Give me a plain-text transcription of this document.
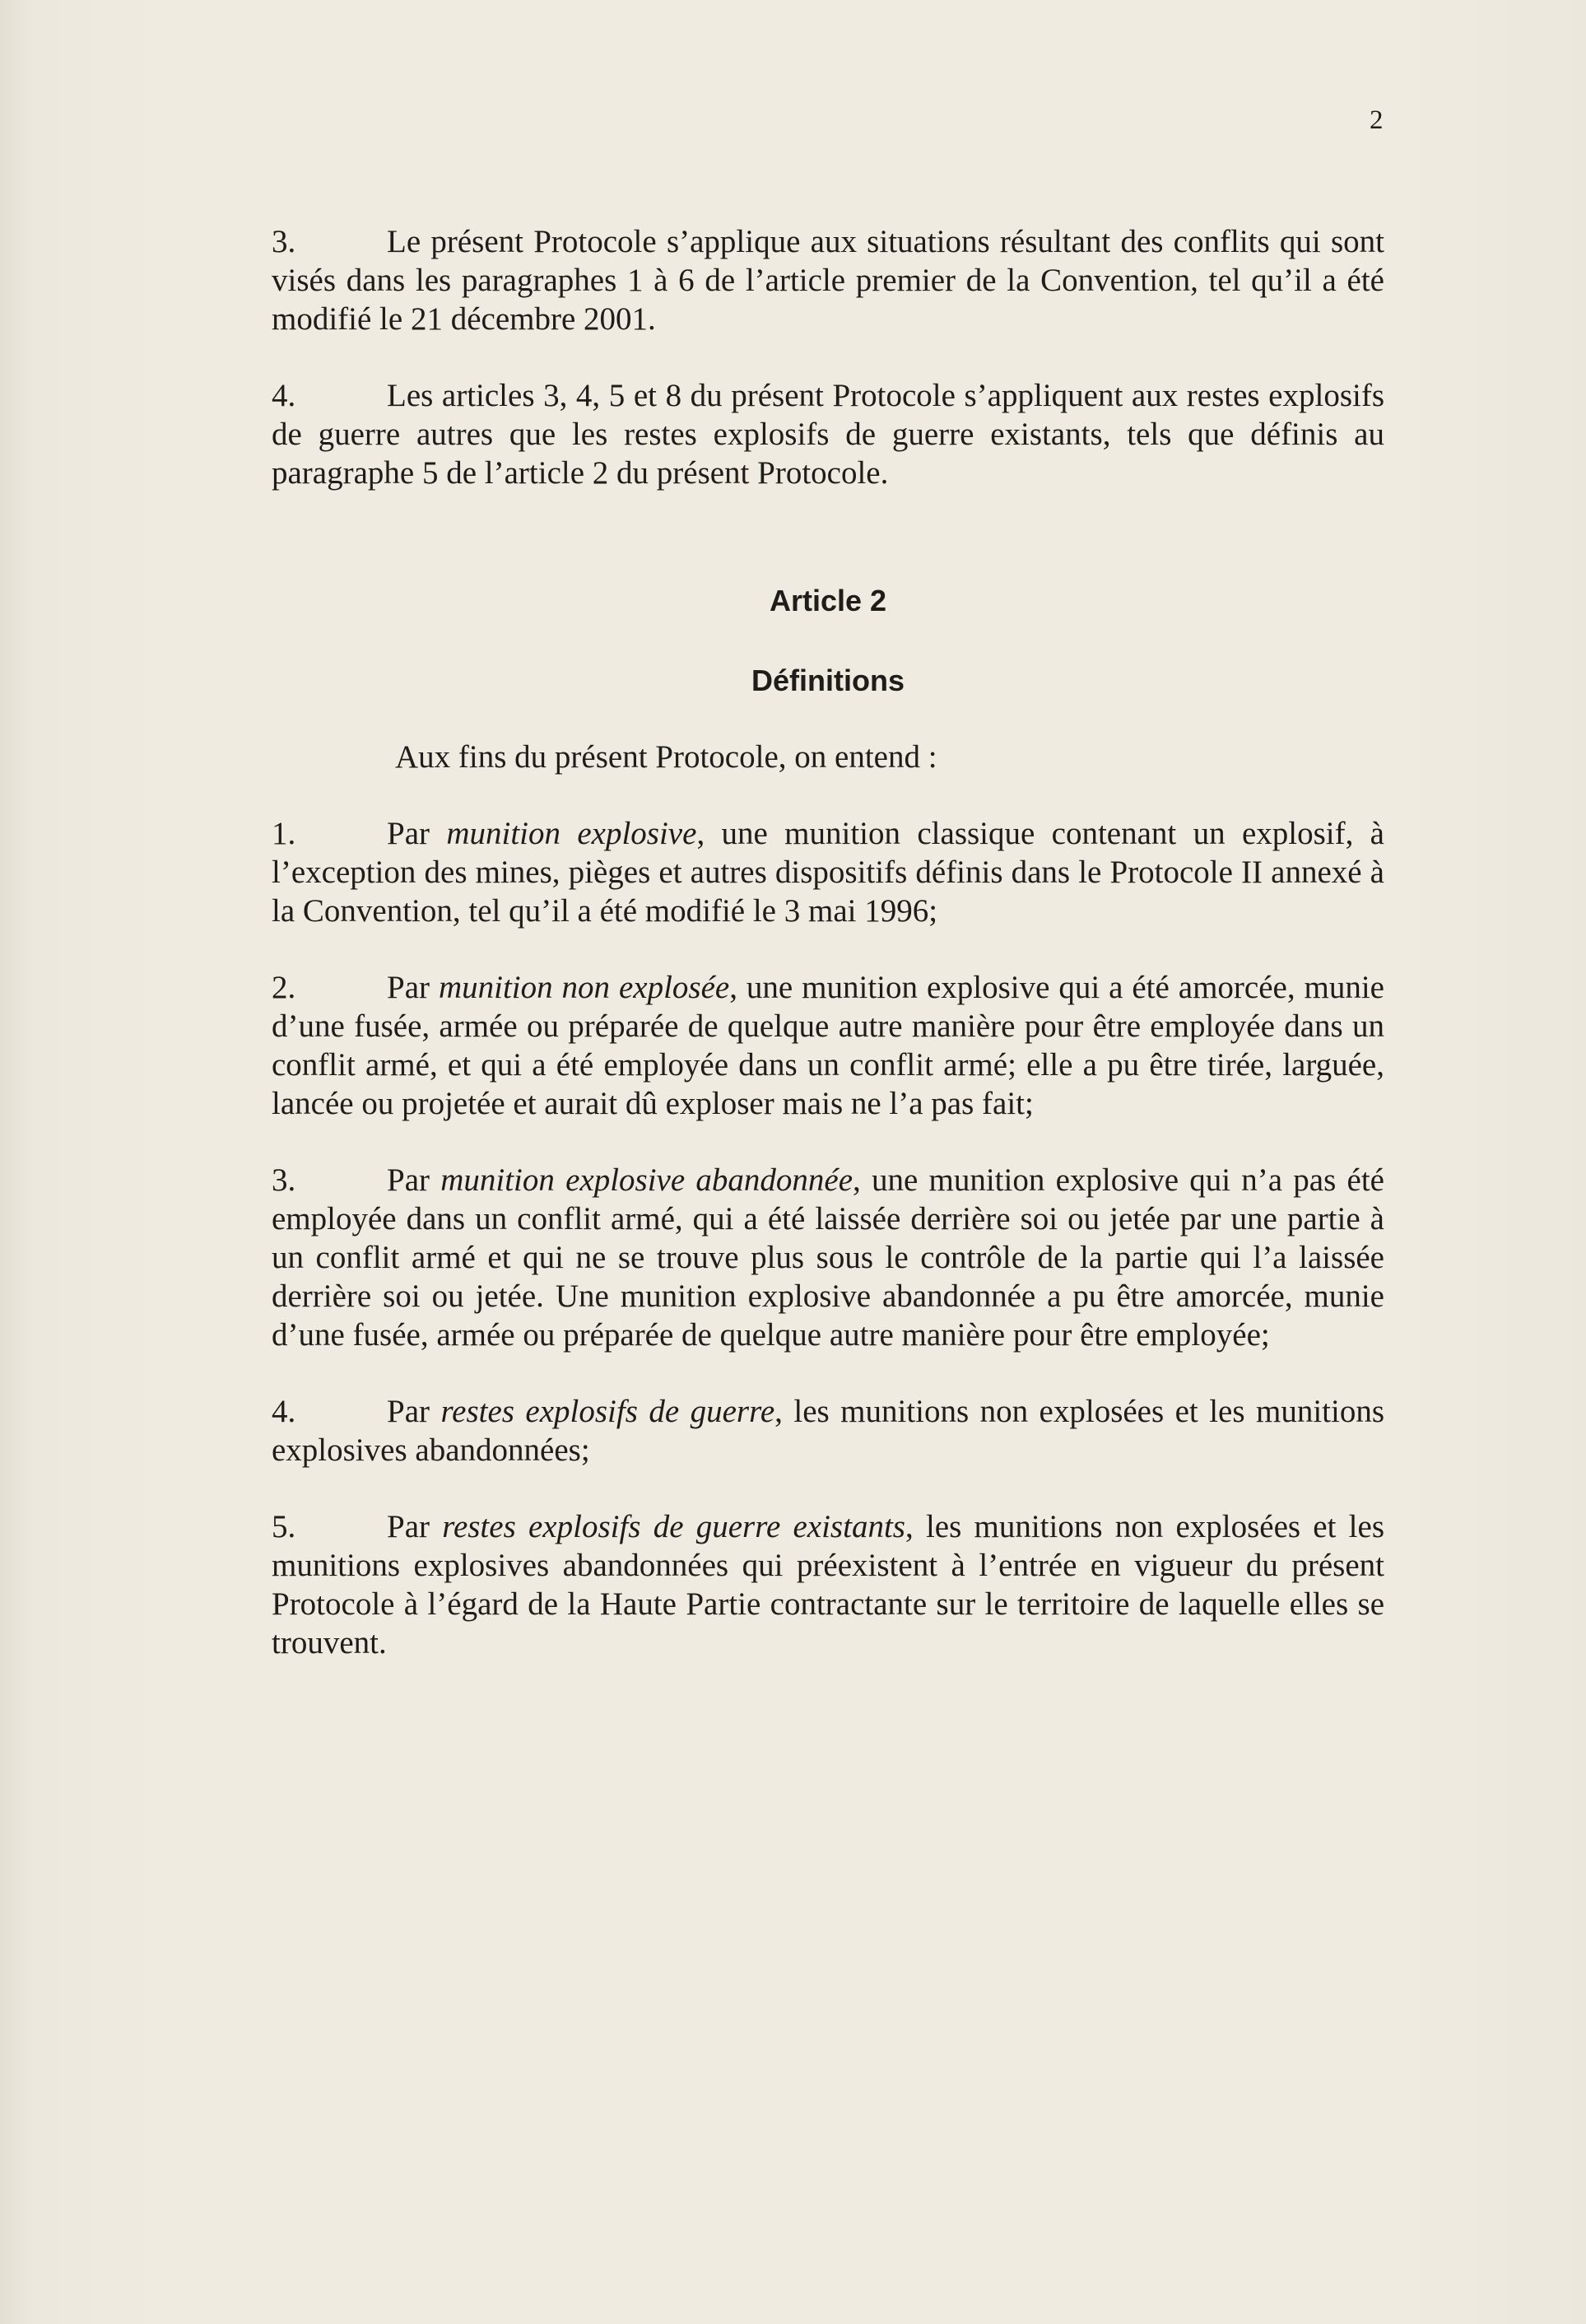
2

3.	Le présent Protocole s’applique aux situations résultant des conflits qui sont visés dans les paragraphes 1 à 6 de l’article premier de la Convention, tel qu’il a été modifié le 21 décembre 2001.

4.	Les articles 3, 4, 5 et 8 du présent Protocole s’appliquent aux restes explosifs de guerre autres que les restes explosifs de guerre existants, tels que définis au paragraphe 5 de l’article 2 du présent Protocole.

Article 2
Définitions

Aux fins du présent Protocole, on entend :

1.	Par munition explosive, une munition classique contenant un explosif, à l’exception des mines, pièges et autres dispositifs définis dans le Protocole II annexé à la Convention, tel qu’il a été modifié le 3 mai 1996;

2.	Par munition non explosée, une munition explosive qui a été amorcée, munie d’une fusée, armée ou préparée de quelque autre manière pour être employée dans un conflit armé, et qui a été employée dans un conflit armé; elle a pu être tirée, larguée, lancée ou projetée et aurait dû exploser mais ne l’a pas fait;

3.	Par munition explosive abandonnée, une munition explosive qui n’a pas été employée dans un conflit armé, qui a été laissée derrière soi ou jetée par une partie à un conflit armé et qui ne se trouve plus sous le contrôle de la partie qui l’a laissée derrière soi ou jetée. Une munition explosive abandonnée a pu être amorcée, munie d’une fusée, armée ou préparée de quelque autre manière pour être employée;

4.	Par restes explosifs de guerre, les munitions non explosées et les munitions explosives abandonnées;

5.	Par restes explosifs de guerre existants, les munitions non explosées et les munitions explosives abandonnées qui préexistent à l’entrée en vigueur du présent Protocole à l’égard de la Haute Partie contractante sur le territoire de laquelle elles se trouvent.
